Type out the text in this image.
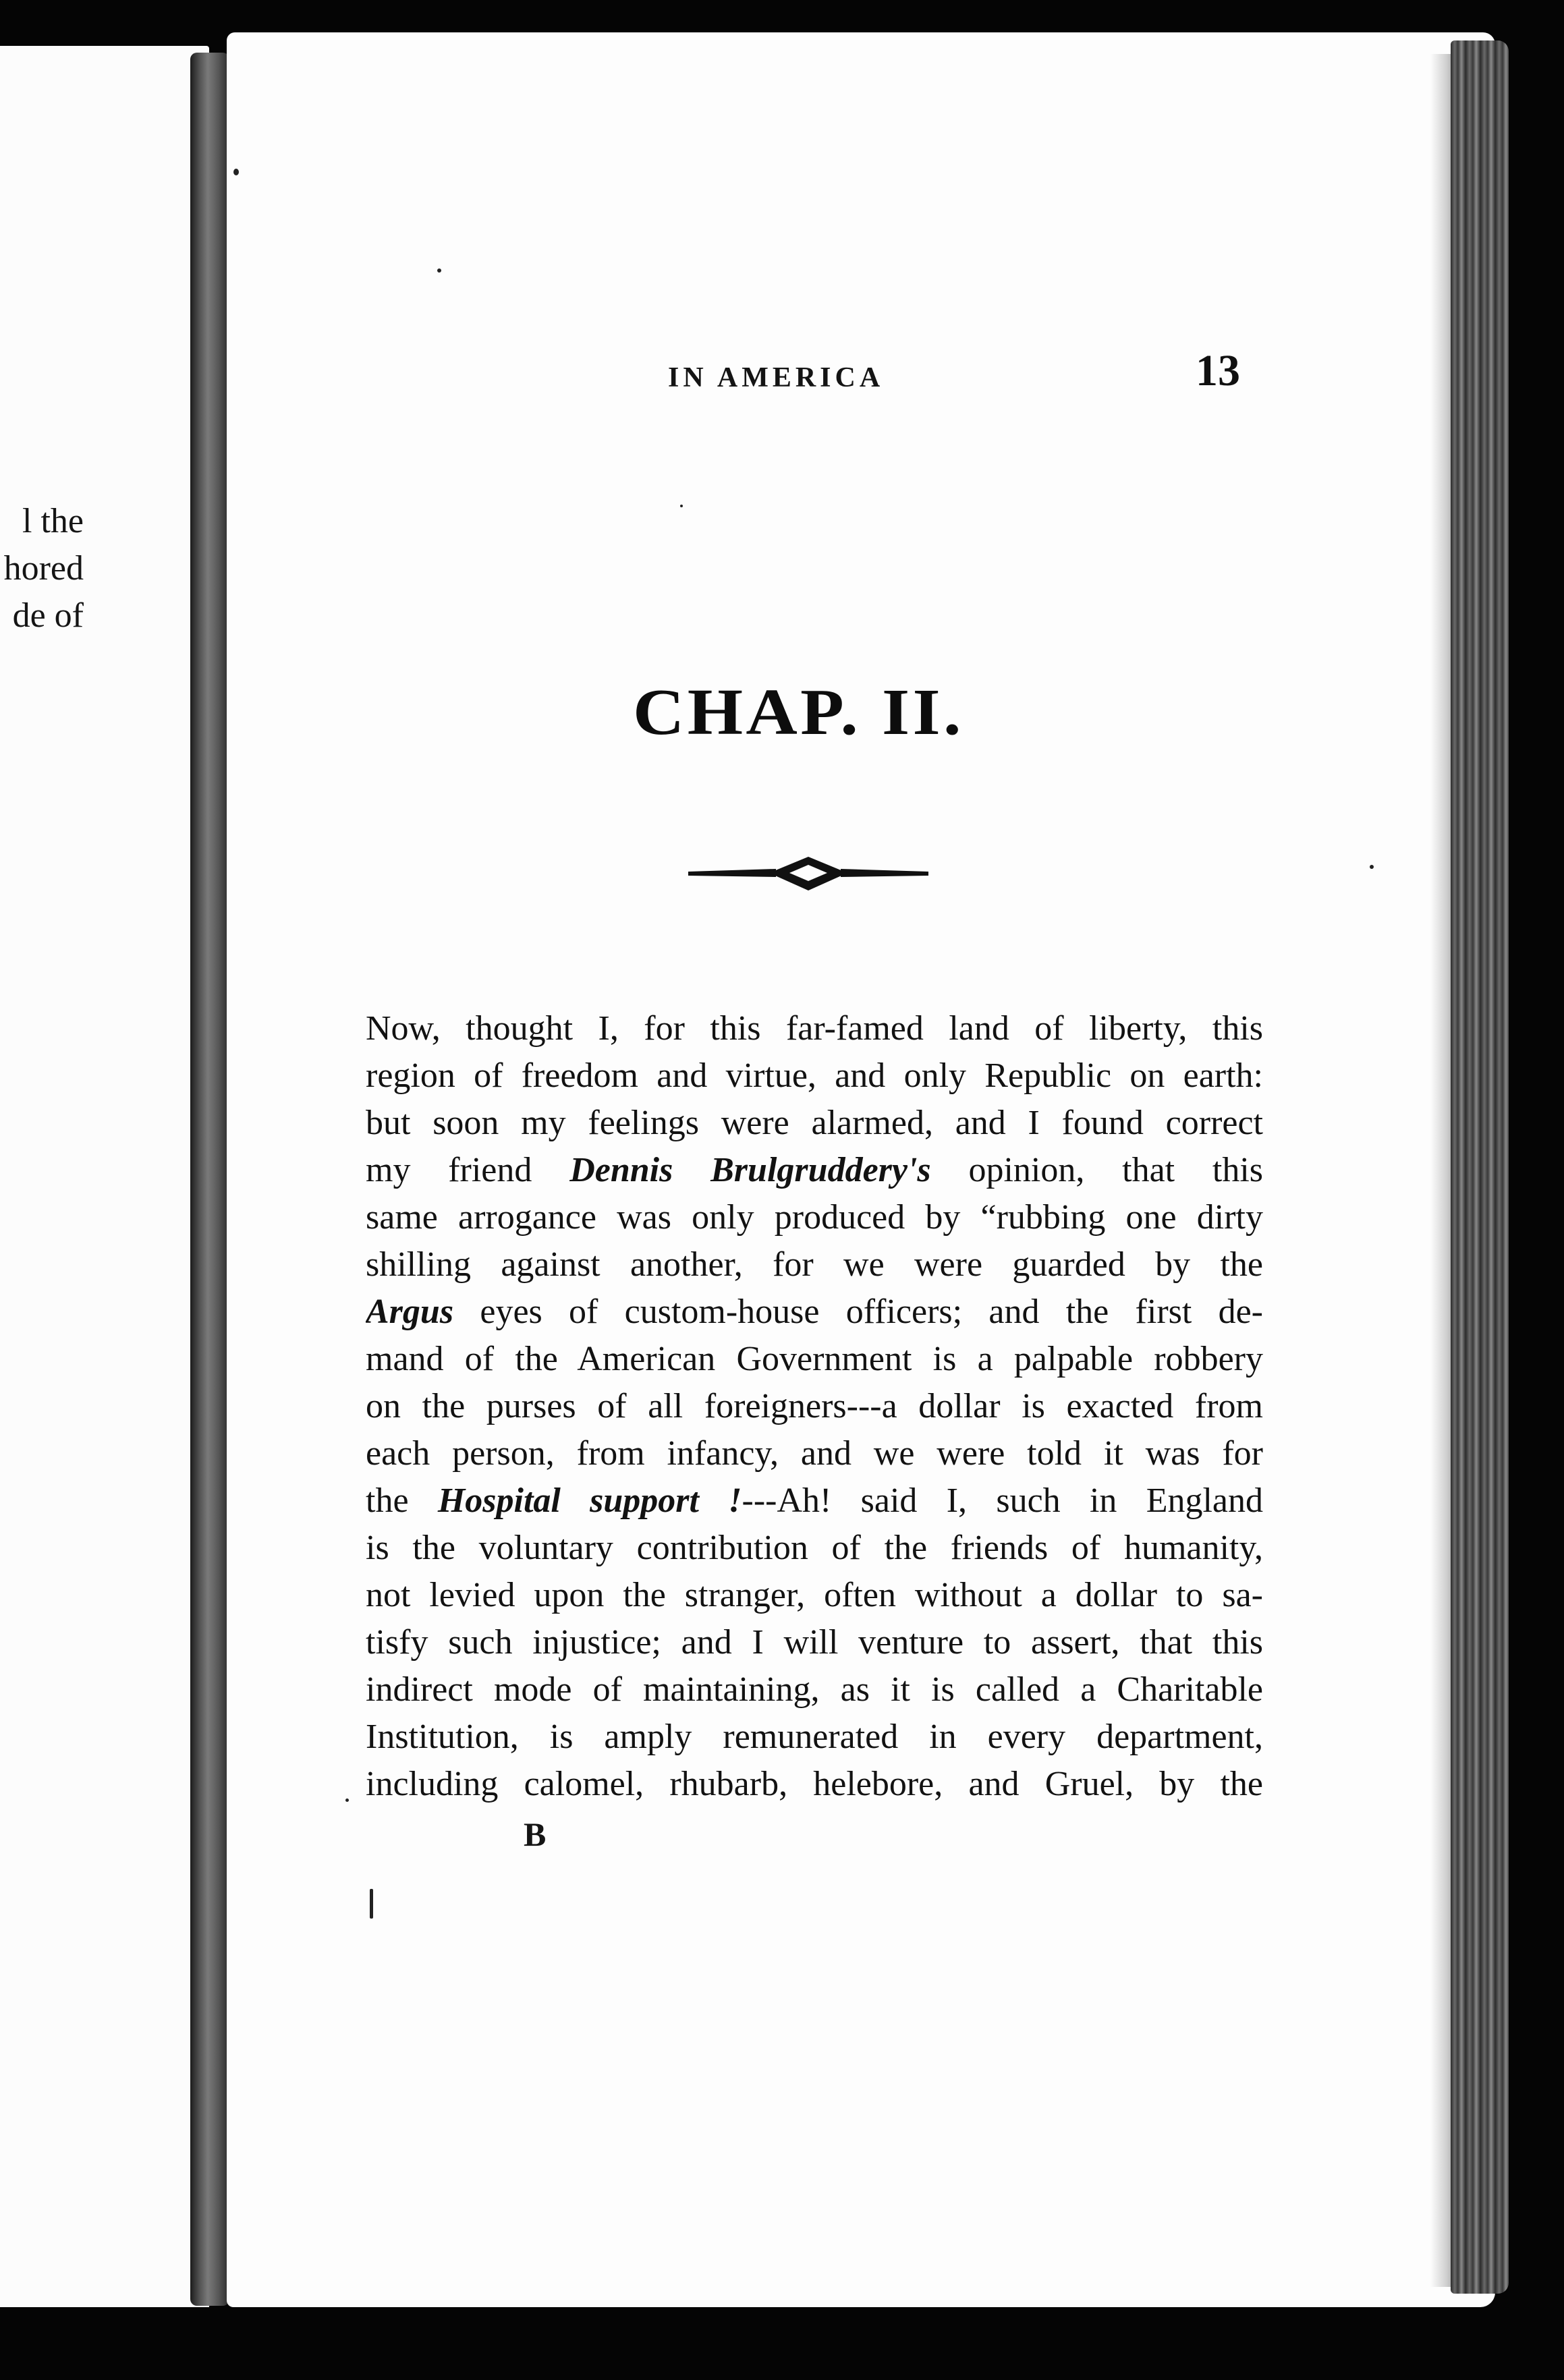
l the
hored
de of
IN AMERICA	13
CHAP. II.
Now, thought I, for this far-famed land of liberty, this
region of freedom and virtue, and only Republic on earth:
but soon my feelings were alarmed, and I found correct
my friend Dennis Brulgruddery's opinion, that this
same arrogance was only produced by “rubbing one dirty
shilling against another, for we were guarded by the
Argus eyes of custom-house officers; and the first de-
mand of the American Government is a palpable robbery
on the purses of all foreigners---a dollar is exacted from
each person, from infancy, and we were told it was for
the Hospital support !---Ah! said I, such in England
is the voluntary contribution of the friends of humanity,
not levied upon the stranger, often without a dollar to sa-
tisfy such injustice; and I will venture to assert, that this
indirect mode of maintaining, as it is called a Charitable
Institution, is amply remunerated in every department,
including calomel, rhubarb, helebore, and Gruel, by the
B
